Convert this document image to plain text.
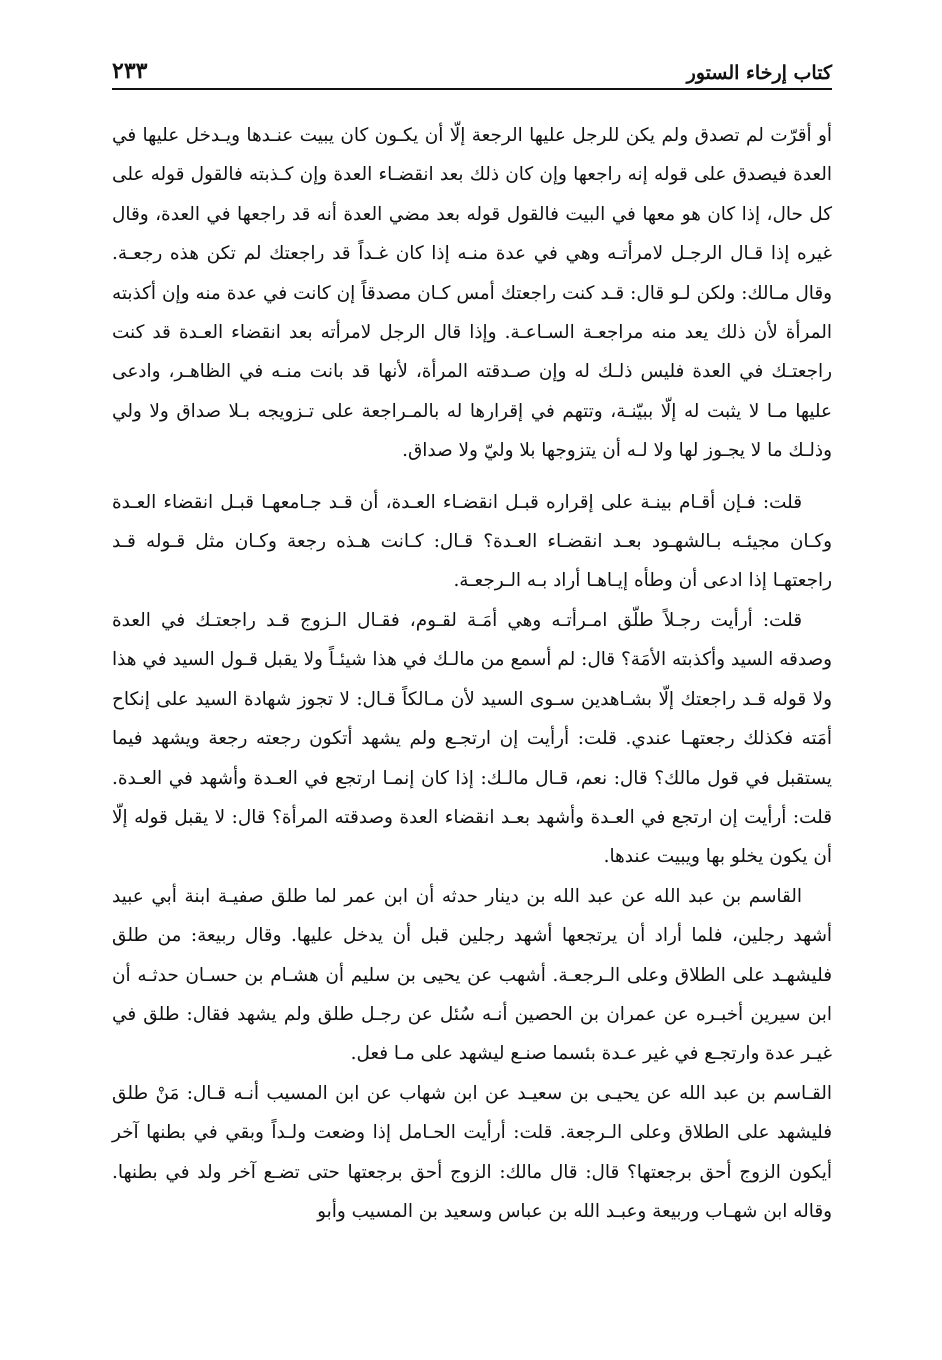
كتاب إرخاء الستور
٢٣٣

أو أقرّت لم تصدق ولم يكن للرجل عليها الرجعة إلّا أن يكـون كان يبيت عنـدها ويـدخل عليها في العدة فيصدق على قوله إنه راجعها وإن كان ذلك بعد انقضـاء العدة وإن كـذبته فالقول قوله على كل حال، إذا كان هو معها في البيت فالقول قوله بعد مضي العدة أنه قد راجعها في العدة، وقال غيره إذا قـال الرجـل لامرأتـه وهي في عدة منـه إذا كان غـداً قد راجعتك لم تكن هذه رجعـة. وقال مـالك: ولكن لـو قال: قـد كنت راجعتك أمس كـان مصدقاً إن كانت في عدة منه وإن أكذبته المرأة لأن ذلك يعد منه مراجعـة السـاعـة. وإذا قال الرجل لامرأته بعد انقضاء العـدة قد كنت راجعتـك في العدة فليس ذلـك له وإن صـدقته المرأة، لأنها قد بانت منـه في الظاهـر، وادعى عليها مـا لا يثبت له إلّا ببيّنـة، وتتهم في إقرارها له بالمـراجعة على تـزويجه بـلا صداق ولا ولي وذلـك ما لا يجـوز لها ولا لـه أن يتزوجها بلا وليّ ولا صداق.

قلت: فـإن أقـام بينـة على إقراره قبـل انقضـاء العـدة، أن قـد جـامعهـا قبـل انقضاء العـدة وكـان مجيئـه بـالشهـود بعـد انقضـاء العـدة؟ قـال: كـانت هـذه رجعة وكـان مثل قـوله قـد راجعتهـا إذا ادعى أن وطأه إيـاهـا أراد بـه الـرجعـة.

قلت: أرأيت رجـلاً طلّق امـرأتـه وهي أمَـة لقـوم، فقـال الـزوج قـد راجعتـك في العدة وصدقه السيد وأكذبته الأمَة؟ قال: لم أسمع من مالـك في هذا شيئـاً ولا يقبل قـول السيد في هذا ولا قوله قـد راجعتك إلّا بشـاهدين سـوى السيد لأن مـالكاً قـال: لا تجوز شهادة السيد على إنكاح أمَته فكذلك رجعتهـا عندي. قلت: أرأيت إن ارتجـع ولم يشهد أتكون رجعته رجعة ويشهد فيما يستقبل في قول مالك؟ قال: نعم، قـال مالـك: إذا كان إنمـا ارتجع في العـدة وأشهد في العـدة. قلت: أرأيت إن ارتجع في العـدة وأشهد بعـد انقضاء العدة وصدقته المرأة؟ قال: لا يقبل قوله إلّا أن يكون يخلو بها ويبيت عندها.

القاسم بن عبد الله عن عبد الله بن دينار حدثه أن ابن عمر لما طلق صفيـة ابنة أبي عبيد أشهد رجلين، فلما أراد أن يرتجعها أشهد رجلين قبل أن يدخل عليها. وقال ربيعة: من طلق فليشهـد على الطلاق وعلى الـرجعـة. أشهب عن يحيى بن سليم أن هشـام بن حسـان حدثـه أن ابن سيرين أخبـره عن عمران بن الحصين أنـه سُئل عن رجـل طلق ولم يشهد فقال: طلق في غيـر عدة وارتجـع في غير عـدة بئسما صنـع ليشهد على مـا فعل.

القـاسم بن عبد الله عن يحيـى بن سعيـد عن ابن شهاب عن ابن المسيب أنـه قـال: مَنْ طلق فليشهد على الطلاق وعلى الـرجعة. قلت: أرأيت الحـامل إذا وضعت ولـداً وبقي في بطنها آخر أيكون الزوج أحق برجعتها؟ قال: قال مالك: الزوج أحق برجعتها حتى تضـع آخر ولد في بطنها. وقاله ابن شهـاب وربيعة وعبـد الله بن عباس وسعيد بن المسيب وأبو
